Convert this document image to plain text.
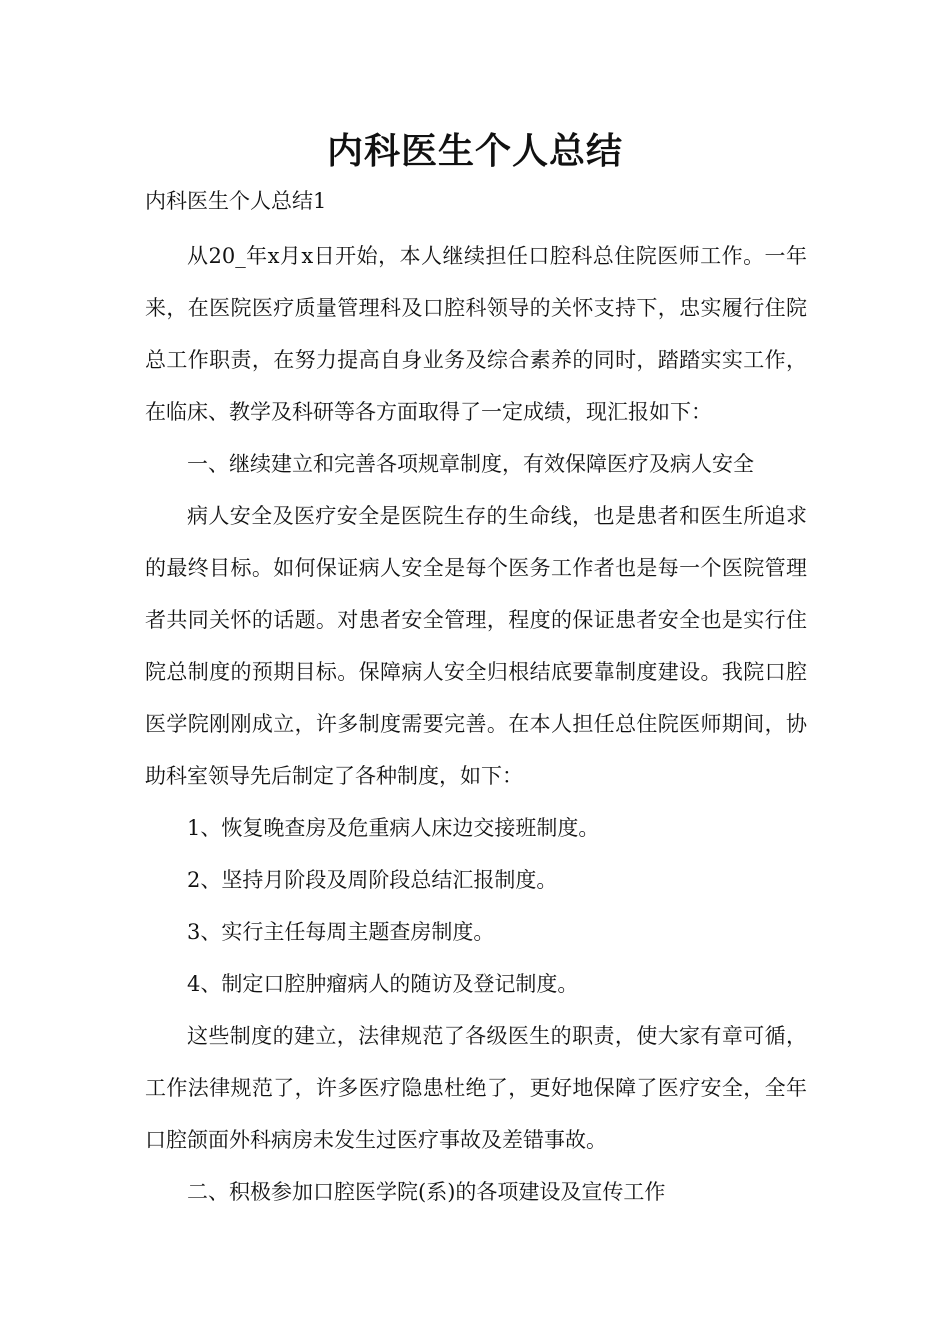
内科医生个人总结

内科医生个人总结1

从20_年x月x日开始，本人继续担任口腔科总住院医师工作。一年来，在医院医疗质量管理科及口腔科领导的关怀支持下，忠实履行住院总工作职责，在努力提高自身业务及综合素养的同时，踏踏实实工作，在临床、教学及科研等各方面取得了一定成绩，现汇报如下：

一、继续建立和完善各项规章制度，有效保障医疗及病人安全

病人安全及医疗安全是医院生存的生命线，也是患者和医生所追求的最终目标。如何保证病人安全是每个医务工作者也是每一个医院管理者共同关怀的话题。对患者安全管理，程度的保证患者安全也是实行住院总制度的预期目标。保障病人安全归根结底要靠制度建设。我院口腔医学院刚刚成立，许多制度需要完善。在本人担任总住院医师期间，协助科室领导先后制定了各种制度，如下：

1、恢复晚查房及危重病人床边交接班制度。

2、坚持月阶段及周阶段总结汇报制度。

3、实行主任每周主题查房制度。

4、制定口腔肿瘤病人的随访及登记制度。

这些制度的建立，法律规范了各级医生的职责，使大家有章可循，工作法律规范了，许多医疗隐患杜绝了，更好地保障了医疗安全，全年口腔颌面外科病房未发生过医疗事故及差错事故。

二、积极参加口腔医学院(系)的各项建设及宣传工作
